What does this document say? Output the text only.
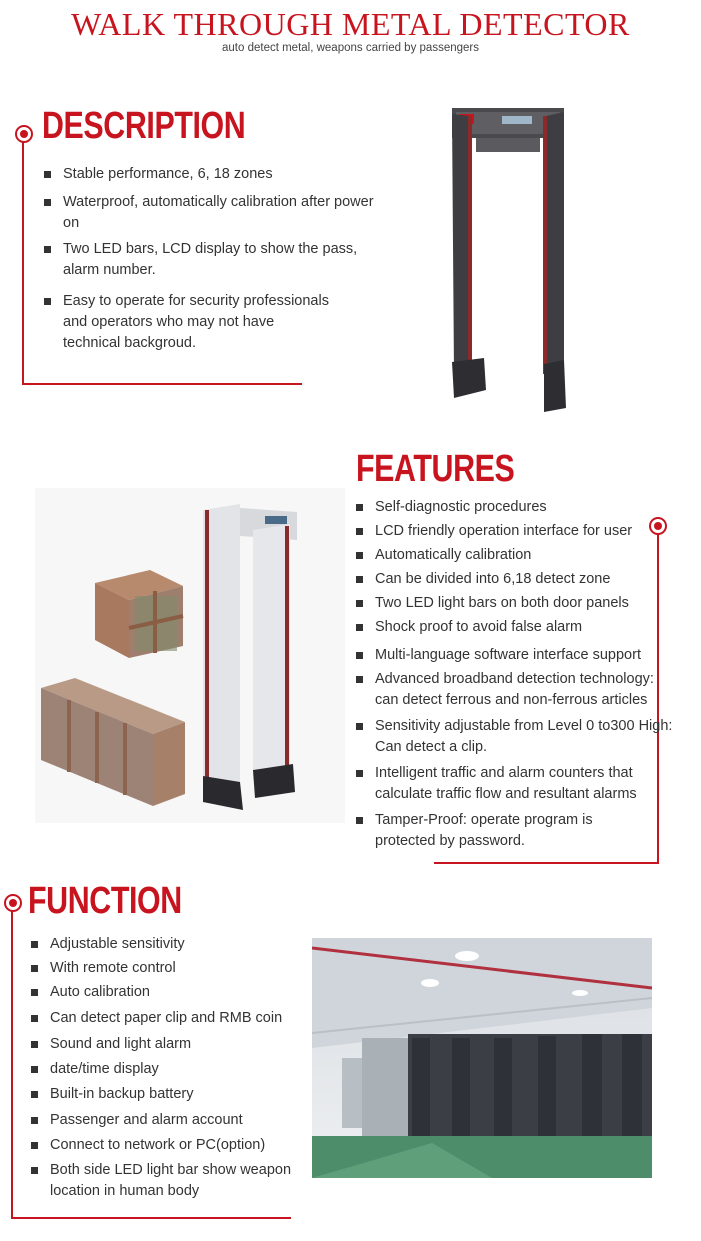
WALK THROUGH METAL DETECTOR
auto detect metal, weapons carried by passengers
DESCRIPTION
Stable performance, 6, 18 zones
Waterproof, automatically calibration after power on
Two LED bars, LCD display to show the pass, alarm number.
Easy to operate for security professionals and operators who may not have technical backgroud.
FEATURES
Self-diagnostic procedures
LCD friendly operation interface for user
Automatically calibration
Can be divided into 6,18 detect zone
Two LED light bars on both door panels
Shock proof to avoid false alarm
Multi-language software interface support
Advanced broadband detection technology: can detect ferrous and non-ferrous articles
Sensitivity adjustable from Level 0 to300 High: Can detect a clip.
Intelligent traffic and alarm counters that calculate traffic flow and resultant alarms
Tamper-Proof: operate program is protected by password.
FUNCTION
Adjustable sensitivity
With remote control
Auto calibration
Can detect paper clip and RMB coin
Sound and light alarm
date/time display
Built-in backup battery
Passenger and alarm account
Connect to network or PC(option)
Both side LED light bar show weapon location in human body
